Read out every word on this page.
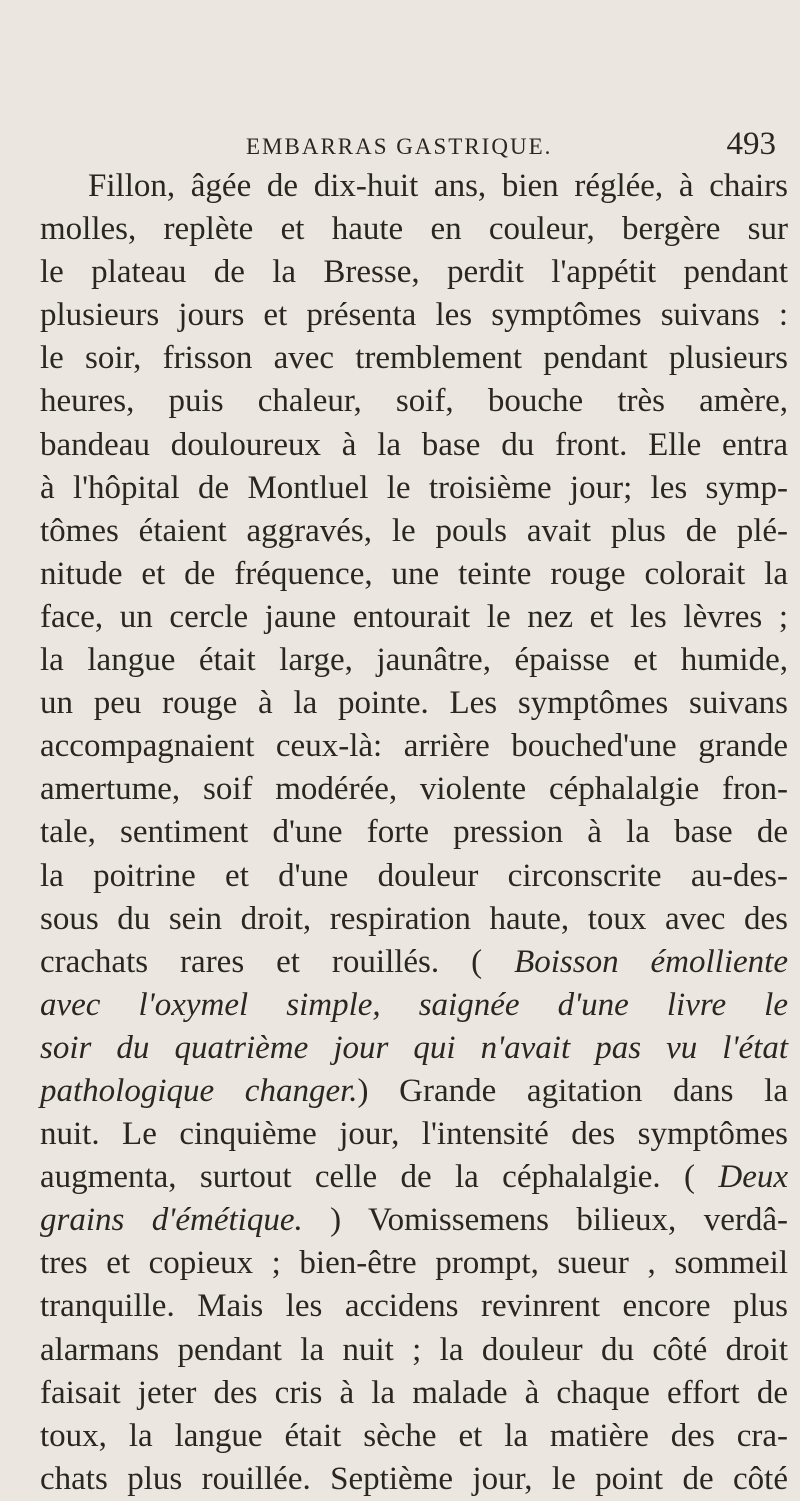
EMBARRAS GASTRIQUE.	493
Fillon, âgée de dix-huit ans, bien réglée, à chairs
molles, replète et haute en couleur, bergère sur
le plateau de la Bresse, perdit l'appétit pendant
plusieurs jours et présenta les symptômes suivans :
le soir, frisson avec tremblement pendant plusieurs
heures, puis chaleur, soif, bouche très amère,
bandeau douloureux à la base du front. Elle entra
à l'hôpital de Montluel le troisième jour; les symp-
tômes étaient aggravés, le pouls avait plus de plé-
nitude et de fréquence, une teinte rouge colorait la
face, un cercle jaune entourait le nez et les lèvres ;
la langue était large, jaunâtre, épaisse et humide,
un peu rouge à la pointe. Les symptômes suivans
accompagnaient ceux-là: arrière bouched'une grande
amertume, soif modérée, violente céphalalgie fron-
tale, sentiment d'une forte pression à la base de
la poitrine et d'une douleur circonscrite au-des-
sous du sein droit, respiration haute, toux avec des
crachats rares et rouillés. ( Boisson émolliente
avec l'oxymel simple, saignée d'une livre le
soir du quatrième jour qui n'avait pas vu l'état
pathologique changer.) Grande agitation dans la
nuit. Le cinquième jour, l'intensité des symptômes
augmenta, surtout celle de la céphalalgie. ( Deux
grains d'émétique. ) Vomissemens bilieux, verdâ-
tres et copieux ; bien-être prompt, sueur , sommeil
tranquille. Mais les accidens revinrent encore plus
alarmans pendant la nuit ; la douleur du côté droit
faisait jeter des cris à la malade à chaque effort de
toux, la langue était sèche et la matière des cra-
chats plus rouillée. Septième jour, le point de côté
